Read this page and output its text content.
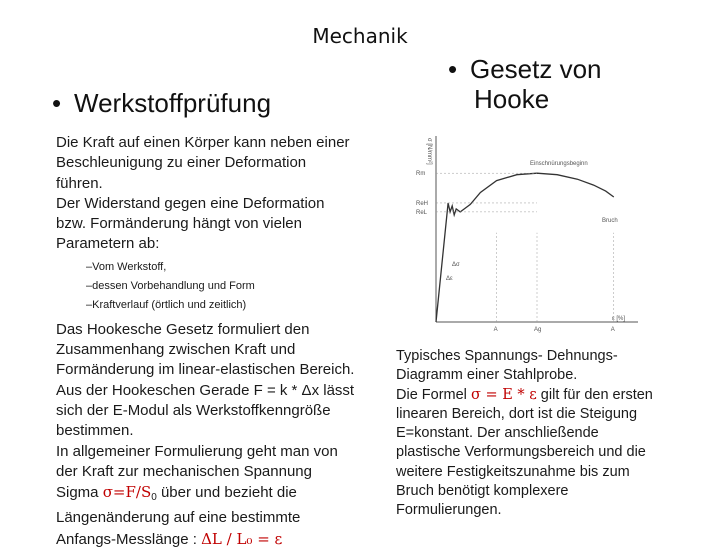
Mechanik
• Werkstoffprüfung
• Gesetz von
Hooke

Die Kraft auf einen Körper kann neben einer Beschleunigung zu einer Deformation führen.

Der Widerstand gegen eine Deformation bzw. Formänderung hängt von vielen Parametern ab:

–Vom Werkstoff,
–dessen Vorbehandlung und Form
–Kraftverlauf (örtlich und zeitlich)

Das Hookesche Gesetz formuliert den Zusammenhang zwischen Kraft und Formänderung im linear-elastischen Bereich.

Aus der Hookeschen Gerade F = k * Δx lässt sich der E-Modul als Werkstoffkenngröße bestimmen.

In allgemeiner Formulierung geht man von der Kraft zur mechanischen Spannung Sigma $\sigma=F/S_0$ über und bezieht die Längenänderung auf eine bestimmte Anfangs-Messlänge : ΔL / L₀ = ε

σ [N/mm²]
ε [%]
Einschnürungsbeginn
Bruch
Δσ
Δε
Rm
ReH
ReL
A	Ag	A

Typisches Spannungs- Dehnungs-Diagramm einer Stahlprobe.

Die Formel σ = E * ε gilt für den ersten linearen Bereich, dort ist die Steigung E=konstant. Der anschließende plastische Verformungsbereich und die weitere Festigkeitszunahme bis zum Bruch benötigt komplexere Formulierungen.
